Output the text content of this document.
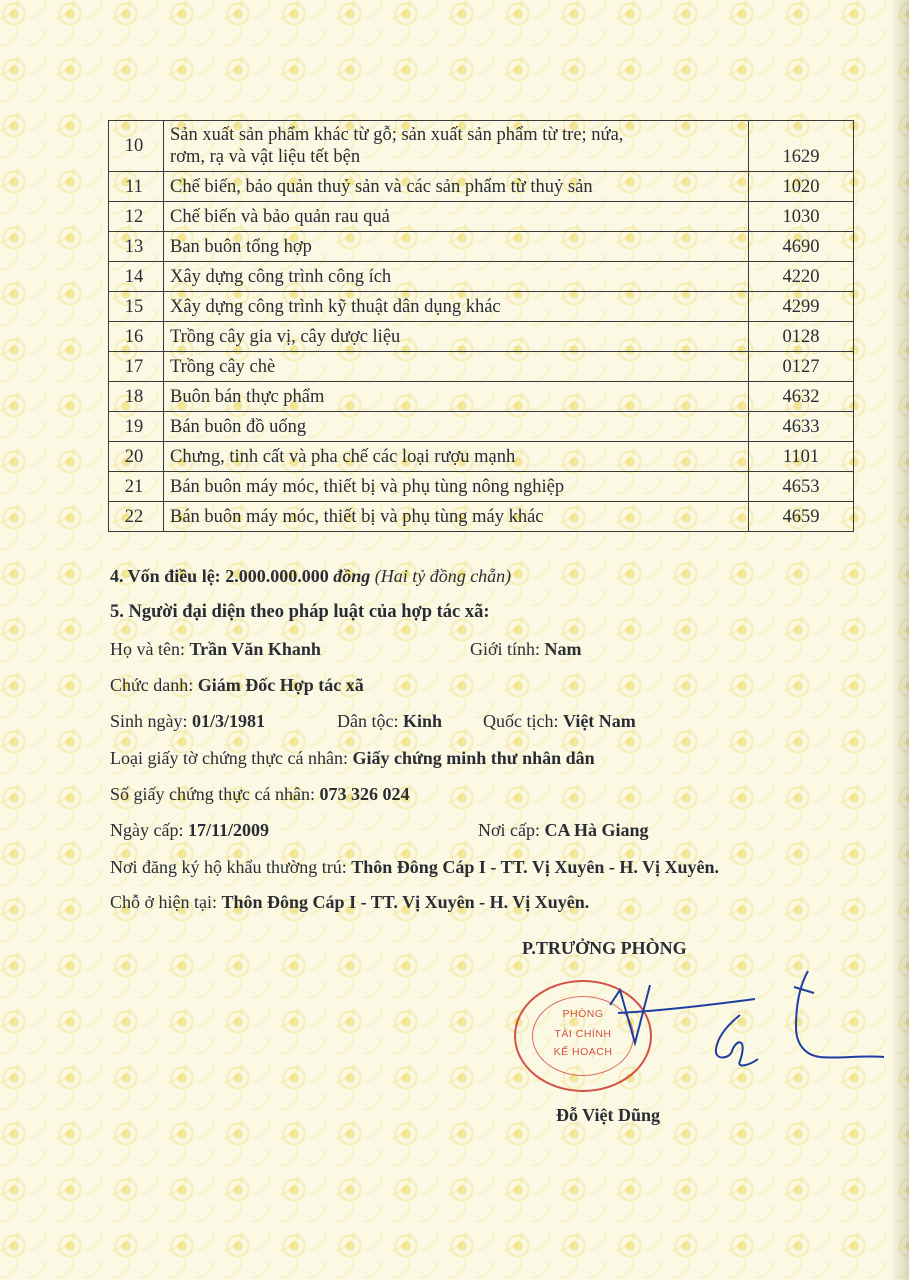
10	Sản xuất sản phẩm khác từ gỗ; sản xuất sản phẩm từ tre; nứa,
rơm, rạ và vật liệu tết bện	1629
11	Chế biến, bảo quản thuỷ sản và các sản phẩm từ thuỷ sản	1020
12	Chế biến và bảo quản rau quả	1030
13	Ban buôn tổng hợp	4690
14	Xây dựng công trình công ích	4220
15	Xây dựng công trình kỹ thuật dân dụng khác	4299
16	Trồng cây gia vị, cây dược liệu	0128
17	Trồng cây chè	0127
18	Buôn bán thực phẩm	4632
19	Bán buôn đồ uống	4633
20	Chưng, tinh cất và pha chế các loại rượu mạnh	1101
21	Bán buôn máy móc, thiết bị và phụ tùng nông nghiệp	4653
22	Bán buôn máy móc, thiết bị và phụ tùng máy khác	4659
4. Vốn điều lệ: 2.000.000.000 đồng (Hai tỷ đồng chẵn)
5. Người đại diện theo pháp luật của hợp tác xã:
Họ và tên: Trần Văn Khanh	Giới tính: Nam
Chức danh: Giám Đốc Hợp tác xã
Sinh ngày: 01/3/1981	Dân tộc: Kinh Quốc tịch: Việt Nam
Loại giấy tờ chứng thực cá nhân: Giấy chứng minh thư nhân dân
Số giấy chứng thực cá nhân: 073 326 024
Ngày cấp: 17/11/2009	Nơi cấp: CA Hà Giang
Nơi đăng ký hộ khẩu thường trú: Thôn Đông Cáp I - TT. Vị Xuyên - H. Vị Xuyên.
Chỗ ở hiện tại: Thôn Đông Cáp I - TT. Vị Xuyên - H. Vị Xuyên.
P.TRƯỞNG PHÒNG
PHÒNG
TÀI CHÍNH
KẾ HOẠCH
Đỗ Việt Dũng
